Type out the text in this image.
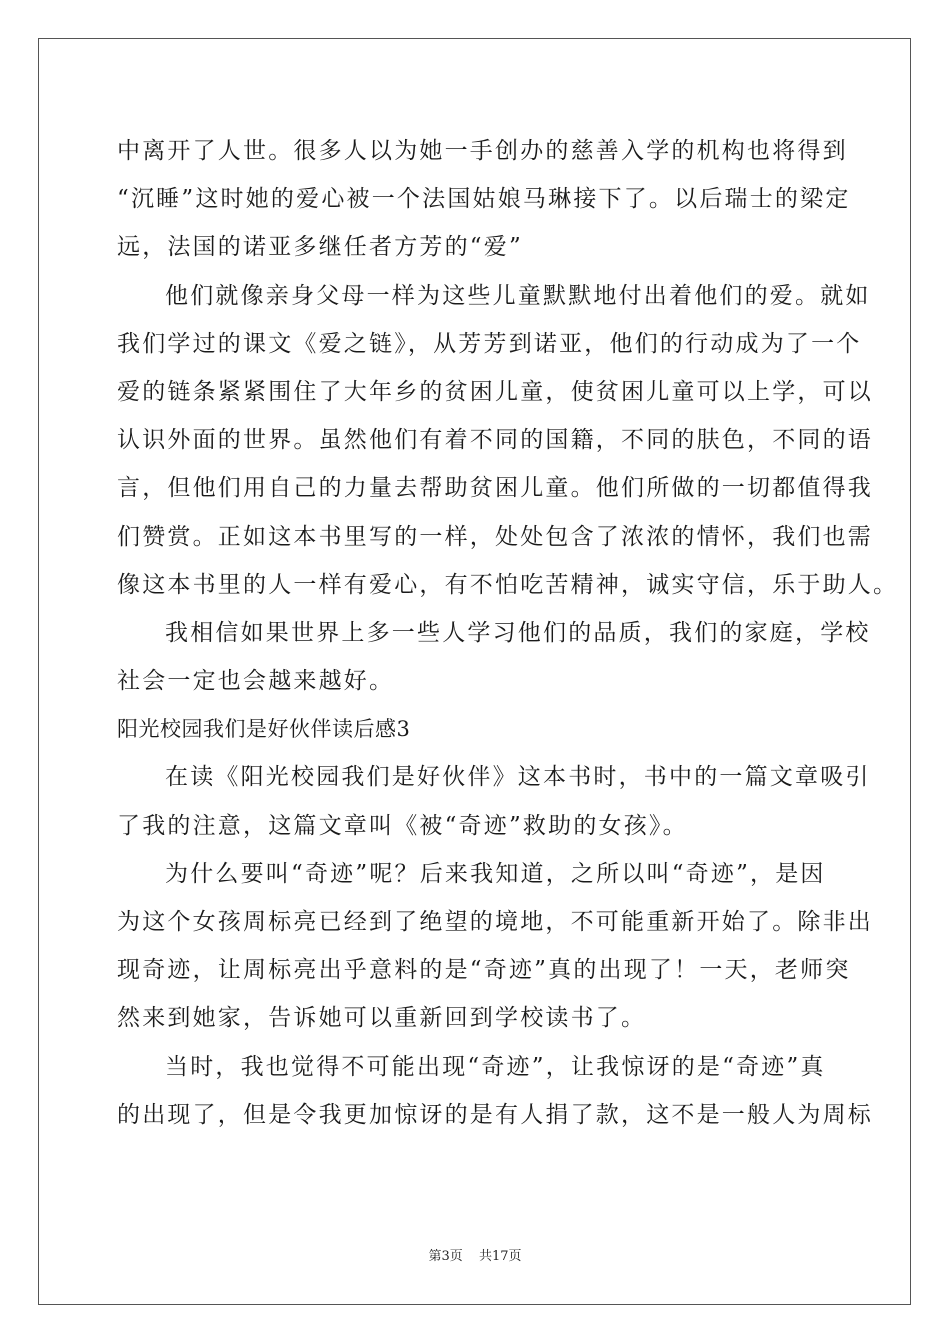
中离开了人世。很多人以为她一手创办的慈善入学的机构也将得到
“沉睡”这时她的爱心被一个法国姑娘马琳接下了。以后瑞士的梁定
远，法国的诺亚多继任者方芳的“爱”
他们就像亲身父母一样为这些儿童默默地付出着他们的爱。就如
我们学过的课文《爱之链》，从芳芳到诺亚，他们的行动成为了一个
爱的链条紧紧围住了大年乡的贫困儿童，使贫困儿童可以上学，可以
认识外面的世界。虽然他们有着不同的国籍，不同的肤色，不同的语
言，但他们用自己的力量去帮助贫困儿童。他们所做的一切都值得我
们赞赏。正如这本书里写的一样，处处包含了浓浓的情怀，我们也需
像这本书里的人一样有爱心，有不怕吃苦精神，诚实守信，乐于助人。
我相信如果世界上多一些人学习他们的品质，我们的家庭，学校
社会一定也会越来越好。
阳光校园我们是好伙伴读后感3
在读《阳光校园我们是好伙伴》这本书时，书中的一篇文章吸引
了我的注意，这篇文章叫《被“奇迹”救助的女孩》。
为什么要叫“奇迹”呢？后来我知道，之所以叫“奇迹”，是因
为这个女孩周标亮已经到了绝望的境地，不可能重新开始了。除非出
现奇迹，让周标亮出乎意料的是“奇迹”真的出现了！一天，老师突
然来到她家，告诉她可以重新回到学校读书了。
当时，我也觉得不可能出现“奇迹”，让我惊讶的是“奇迹”真
的出现了，但是令我更加惊讶的是有人捐了款，这不是一般人为周标
第3页 共17页
